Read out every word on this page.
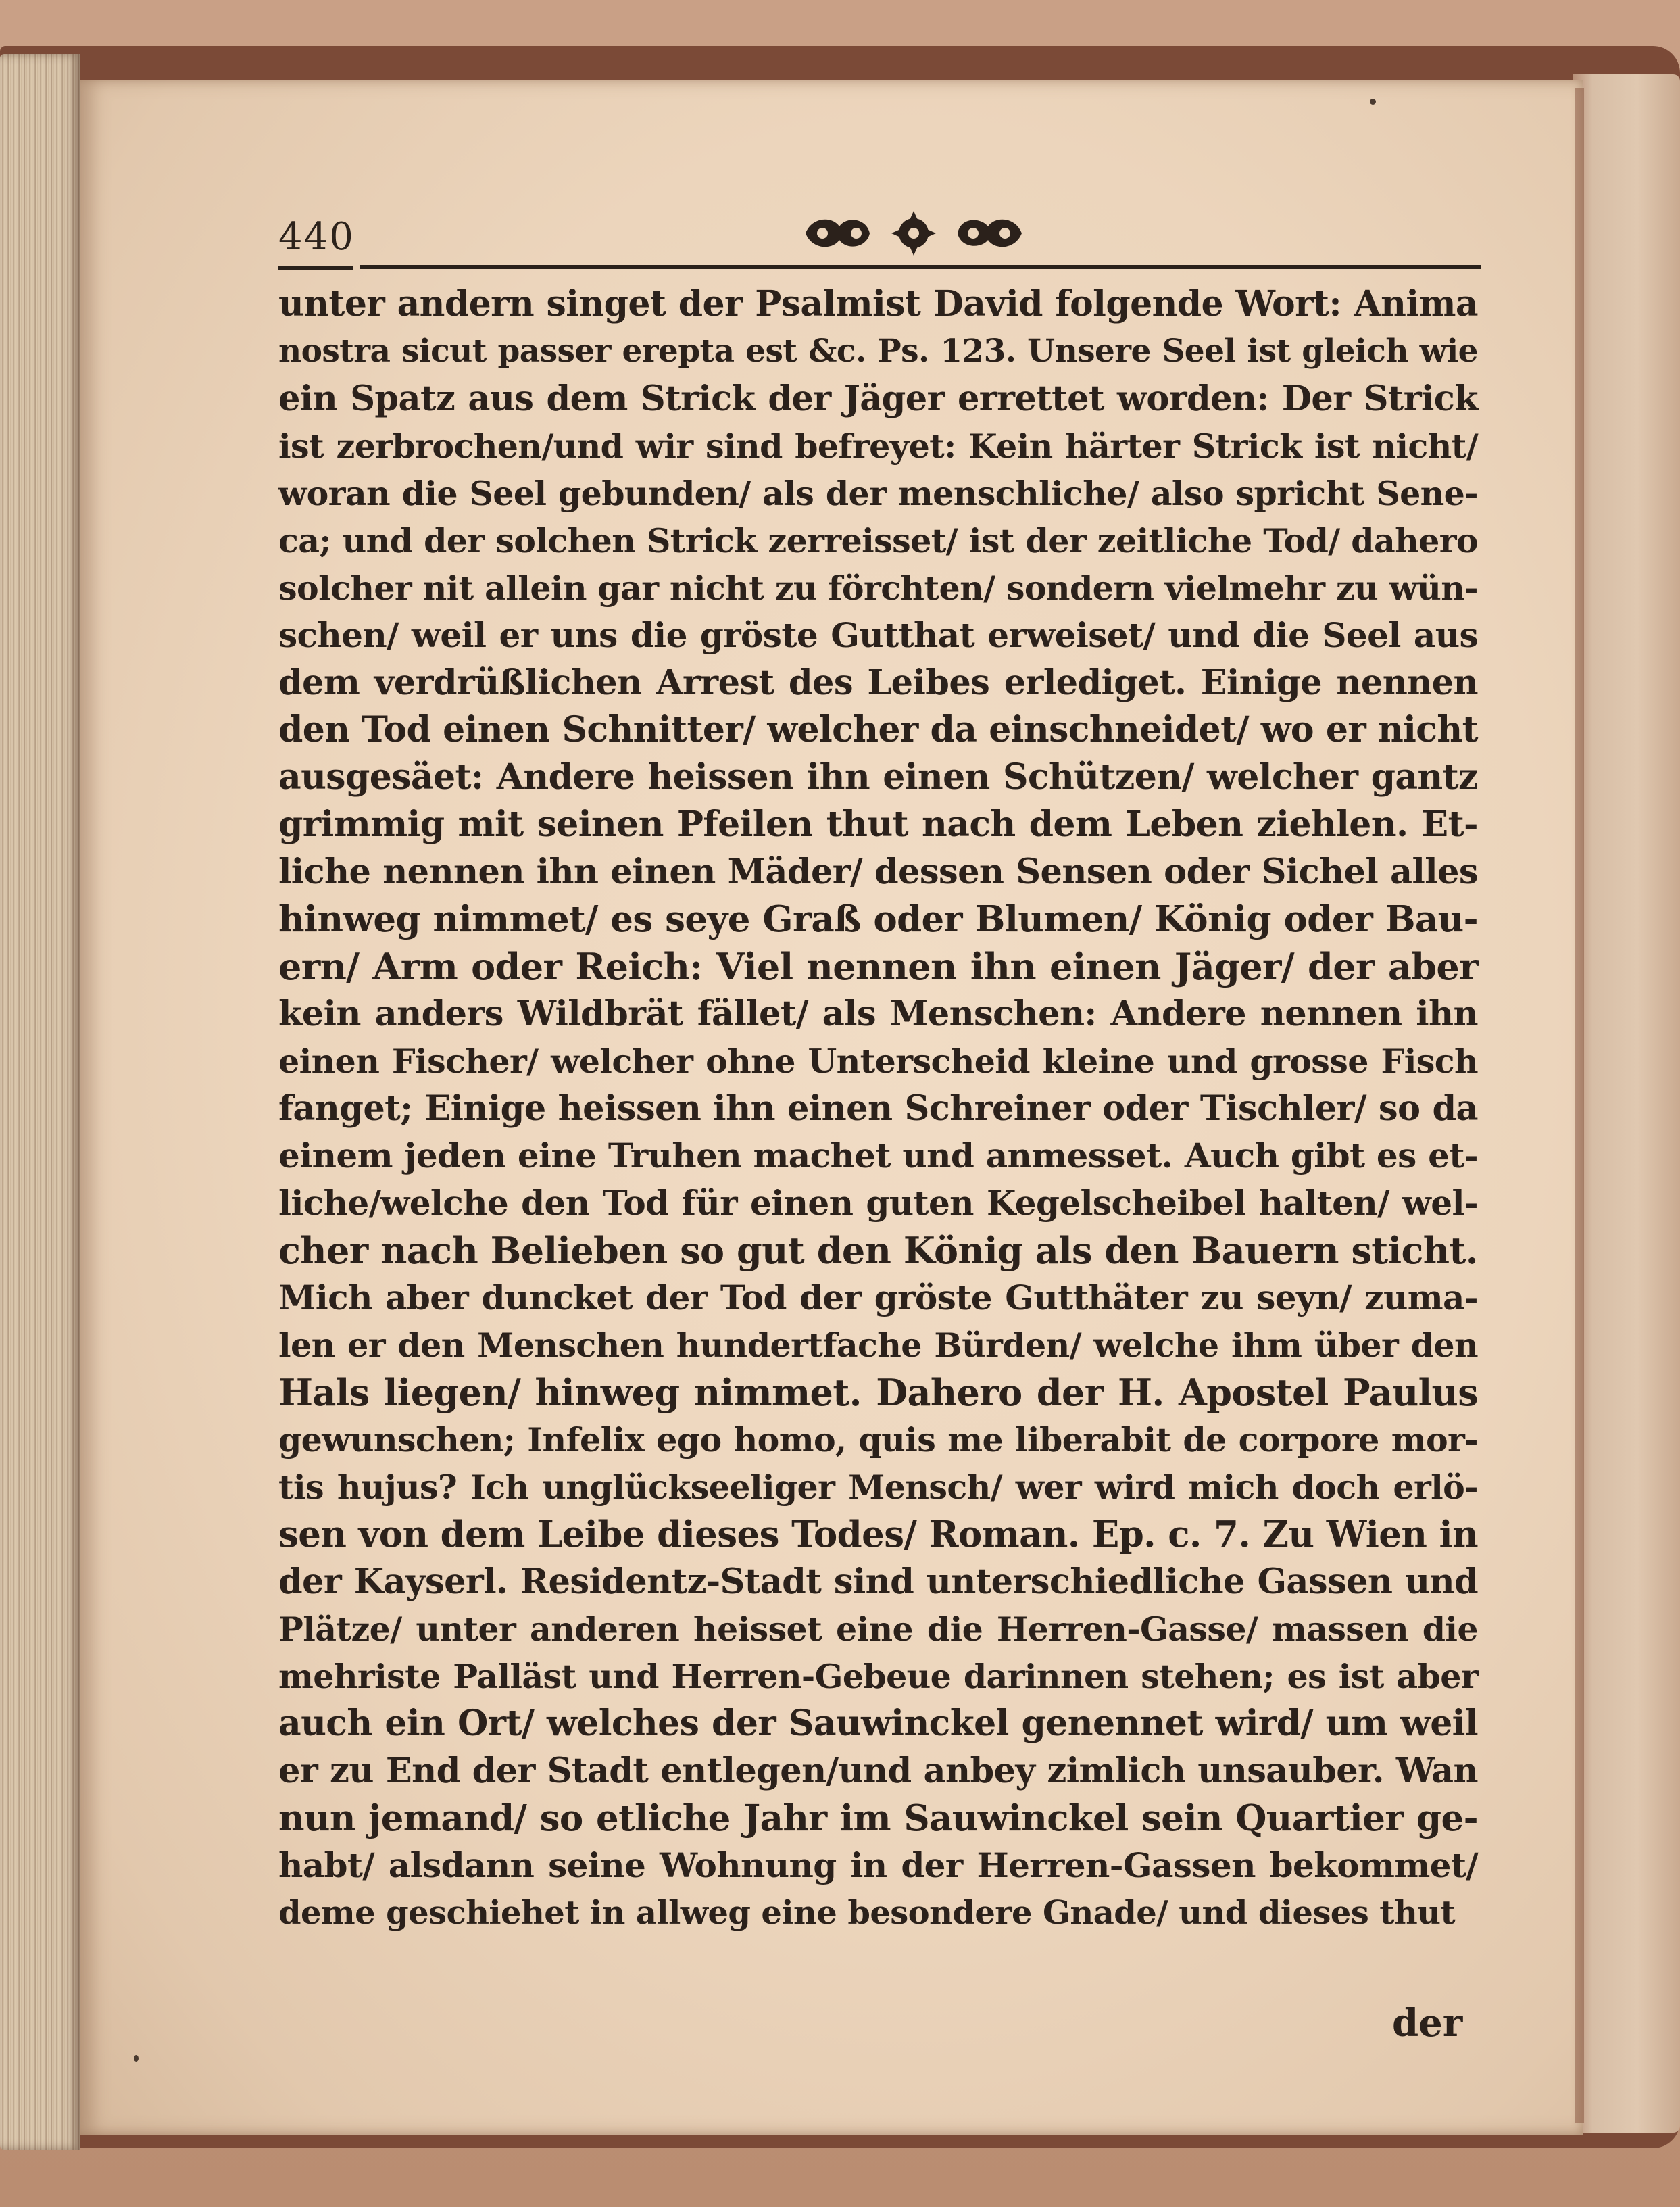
440
unter andern singet der Psalmist David folgende Wort: Anima
nostra sicut passer erepta est &c. Ps. 123. Unsere Seel ist gleich wie
ein Spatz aus dem Strick der Jäger errettet worden: Der Strick
ist zerbrochen/und wir sind befreyet: Kein härter Strick ist nicht/
woran die Seel gebunden/ als der menschliche/ also spricht Sene-
ca; und der solchen Strick zerreisset/ ist der zeitliche Tod/ dahero
solcher nit allein gar nicht zu förchten/ sondern vielmehr zu wün-
schen/ weil er uns die gröste Gutthat erweiset/ und die Seel aus
dem verdrüßlichen Arrest des Leibes erlediget. Einige nennen
den Tod einen Schnitter/ welcher da einschneidet/ wo er nicht
ausgesäet: Andere heissen ihn einen Schützen/ welcher gantz
grimmig mit seinen Pfeilen thut nach dem Leben ziehlen. Et-
liche nennen ihn einen Mäder/ dessen Sensen oder Sichel alles
hinweg nimmet/ es seye Graß oder Blumen/ König oder Bau-
ern/ Arm oder Reich: Viel nennen ihn einen Jäger/ der aber
kein anders Wildbrät fället/ als Menschen: Andere nennen ihn
einen Fischer/ welcher ohne Unterscheid kleine und grosse Fisch
fanget; Einige heissen ihn einen Schreiner oder Tischler/ so da
einem jeden eine Truhen machet und anmesset. Auch gibt es et-
liche/welche den Tod für einen guten Kegelscheibel halten/ wel-
cher nach Belieben so gut den König als den Bauern sticht.
Mich aber duncket der Tod der gröste Gutthäter zu seyn/ zuma-
len er den Menschen hundertfache Bürden/ welche ihm über den
Hals liegen/ hinweg nimmet. Dahero der H. Apostel Paulus
gewunschen; Infelix ego homo, quis me liberabit de corpore mor-
tis hujus? Ich unglückseeliger Mensch/ wer wird mich doch erlö-
sen von dem Leibe dieses Todes/ Roman. Ep. c. 7. Zu Wien in
der Kayserl. Residentz-Stadt sind unterschiedliche Gassen und
Plätze/ unter anderen heisset eine die Herren-Gasse/ massen die
mehriste Palläst und Herren-Gebeue darinnen stehen; es ist aber
auch ein Ort/ welches der Sauwinckel genennet wird/ um weil
er zu End der Stadt entlegen/und anbey zimlich unsauber. Wan
nun jemand/ so etliche Jahr im Sauwinckel sein Quartier ge-
habt/ alsdann seine Wohnung in der Herren-Gassen bekommet/
deme geschiehet in allweg eine besondere Gnade/ und dieses thut
der
